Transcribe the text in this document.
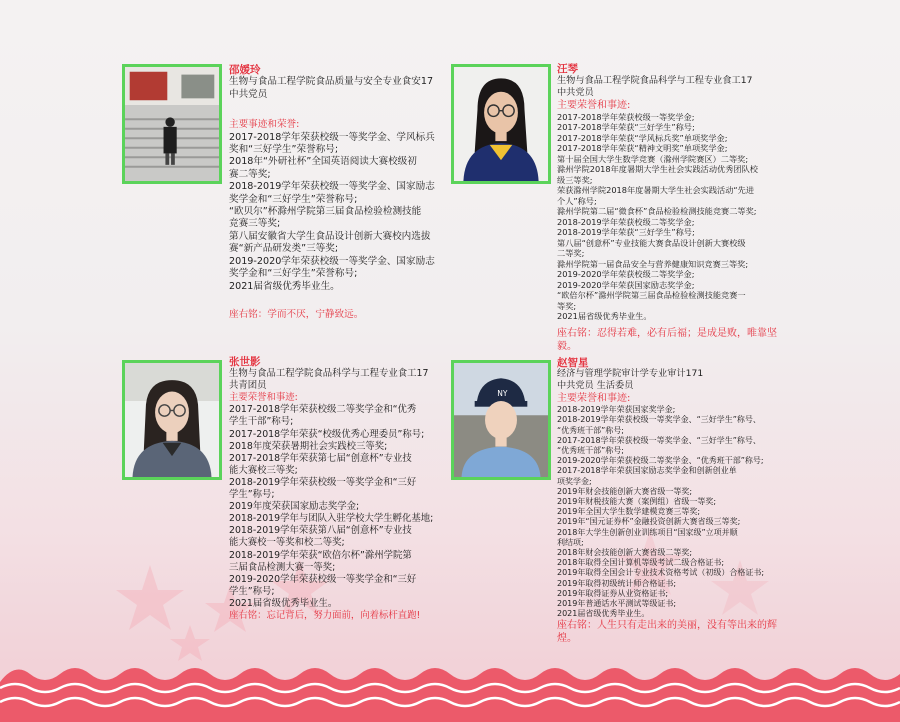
邵媛玲
生物与食品工程学院食品质量与安全专业食安17
中共党员
主要事迹和荣誉:
2017-2018学年荣获校级一等奖学金、学风标兵
奖和“三好学生”荣誉称号;
2018年“外研社杯”全国英语阅读大赛校级初
赛二等奖;
2018-2019学年荣获校级一等奖学金、国家励志
奖学金和“三好学生”荣誉称号;
“欧贝尔”杯滁州学院第三届食品检验检测技能
竞赛三等奖;
第八届安徽省大学生食品设计创新大赛校内选拔
赛“新产品研发类”三等奖;
2019-2020学年荣获校级一等奖学金、国家励志
奖学金和“三好学生”荣誉称号;
2021届省级优秀毕业生。
座右铭：学而不厌，宁静致远。
汪琴
生物与食品工程学院食品科学与工程专业食工17
中共党员
主要荣誉和事迹:
2017-2018学年荣获校级一等奖学金;
2017-2018学年荣获“三好学生”称号;
2017-2018学年荣获“学风标兵奖”单项奖学金;
2017-2018学年荣获“精神文明奖”单项奖学金;
第十届全国大学生数学竞赛（滁州学院赛区）二等奖;
滁州学院2018年度暑期大学生社会实践活动优秀团队校
级三等奖;
荣获滁州学院2018年度暑期大学生社会实践活动“先进
个人”称号;
滁州学院第二届“微食杯”食品检验检测技能竞赛二等奖;
2018-2019学年荣获校级二等奖学金;
2018-2019学年荣获“三好学生”称号;
第八届“创意杯”专业技能大赛食品设计创新大赛校级
二等奖;
滁州学院第一届食品安全与营养健康知识竞赛三等奖;
2019-2020学年荣获校级二等奖学金;
2019-2020学年荣获国家励志奖学金;
“欧倍尔杯”滁州学院第三届食品检验检测技能竞赛一
等奖;
2021届省级优秀毕业生。
座右铭：忍得若难，必有后福；是成是败，唯靠坚毅。
张世影
生物与食品工程学院食品科学与工程专业食工17
共青团员
主要荣誉和事迹:
2017-2018学年荣获校级二等奖学金和“优秀
学生干部”称号;
2017-2018学年荣获“校级优秀心理委员”称号;
2018年度荣获暑期社会实践校三等奖;
2017-2018学年荣获第七届“创意杯”专业技
能大赛校三等奖;
2018-2019学年荣获校级一等奖学金和“三好
学生”称号;
2019年度荣获国家励志奖学金;
2018-2019学年与团队入驻学校大学生孵化基地;
2018-2019学年荣获第八届“创意杯”专业技
能大赛校一等奖和校二等奖;
2018-2019学年荣获“欧倍尔杯”滁州学院第
三届食品检测大赛一等奖;
2019-2020学年荣获校级一等奖学金和“三好
学生”称号;
2021届省级优秀毕业生。
座右铭：忘记背后，努力面前，向着标杆直跑!
NY
赵智星
经济与管理学院审计学专业审计171
中共党员 生活委员
主要荣誉和事迹:
2018-2019学年荣获国家奖学金;
2018-2019学年荣获校级一等奖学金、“三好学生”称号、
“优秀班干部”称号;
2017-2018学年荣获校级一等奖学金、“三好学生”称号、
“优秀班干部”称号;
2019-2020学年荣获校级二等奖学金、“优秀班干部”称号;
2017-2018学年荣获国家励志奖学金和创新创业单
项奖学金;
2019年财会技能创新大赛省级一等奖;
2019年财税技能大赛（案例组）省级一等奖;
2019年全国大学生数学建模竞赛三等奖;
2019年“国元证券杯”金融投资创新大赛省级三等奖;
2018年大学生创新创业训练项目“国家级”立项并顺
利结项;
2018年财会技能创新大赛省级二等奖;
2018年取得全国计算机等级考试二级合格证书;
2019年取得全国会计专业技术资格考试（初级）合格证书;
2019年取得初级统计师合格证书;
2019年取得证券从业资格证书;
2019年普通话水平测试等级证书;
2021届省级优秀毕业生。
座右铭：人生只有走出来的美丽，没有等出来的辉煌。
